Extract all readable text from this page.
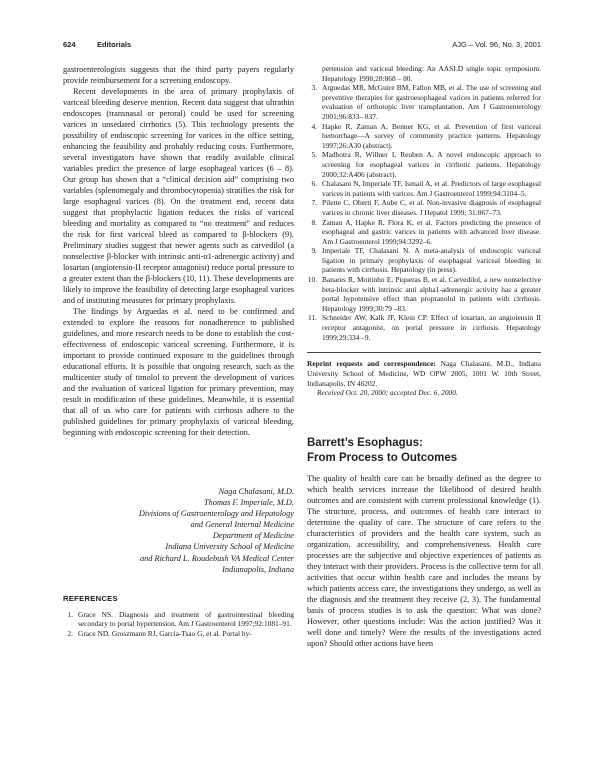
624	Editorials	AJG – Vol. 96, No. 3, 2001

gastroenterologists suggests that the third party payers regularly provide reimbursement for a screening endoscopy.

Recent developments in the area of primary prophylaxis of variceal bleeding deserve mention. Recent data suggest that ultrathin endoscopes (transnasal or peroral) could be used for screening varices in unsedated cirrhotics (5). This technology presents the possibility of endoscopic screening for varices in the office setting, enhancing the feasibility and probably reducing costs. Furthermore, several investigators have shown that readily available clinical variables predict the presence of large esophageal varices (6 – 8). Our group has shown that a “clinical decision aid” comprising two variables (splenomegaly and thrombocytopenia) stratifies the risk for large esophageal varices (8). On the treatment end, recent data suggest that prophylactic ligation reduces the risks of variceal bleeding and mortality as compared to “no treatment” and reduces the risk for first variceal bleed as compared to β-blockers (9). Preliminary studies suggest that newer agents such as carvedilol (a nonselective β-blocker with intrinsic anti-α1-adrenergic activity) and losartan (angiotensin-II receptor antagonist) reduce portal pressure to a greater extent than the β-blockers (10, 11). These developments are likely to improve the feasibility of detecting large esophageal varices and of instituting measures for primary prophylaxis.

The findings by Arguedas et al. need to be confirmed and extended to explore the reasons for nonadherence to published guidelines, and more research needs to be done to establish the cost-effectiveness of endoscopic variceal screening. Furthermore, it is important to provide continued exposure to the guidelines through educational efforts. It is possible that ongoing research, such as the multicenter study of timolol to prevent the development of varices and the evaluation of variceal ligation for primary prevention, may result in modification of these guidelines. Meanwhile, it is essential that all of us who care for patients with cirrhosis adhere to the published guidelines for primary prophylaxis of variceal bleeding, beginning with endoscopic screening for their detection.

Naga Chalasani, M.D.
Thomas F. Imperiale, M.D.
Divisions of Gastroenterology and Hepatology
and General Internal Medicine
Department of Medicine
Indiana University School of Medicine
and Richard L. Roudebush VA Medical Center
Indianapolis, Indiana
REFERENCES
1. Grace NS. Diagnosis and treatment of gastrointestinal bleeding secondary to portal hypertension. Am J Gastroenterol 1997;92:1081–91.
2. Grace ND, Groszmann RJ, Garcia-Tsao G, et al. Portal hy-
pertension and variceal bleeding: An AASLD single topic symposium. Hepatology 1998;28:868 – 80.
3. Arguedas MR, McGuire BM, Fallon MB, et al. The use of screening and preventive therapies for gastroesophageal varices in patients referred for evaluation of orthotopic liver transplantation. Am J Gastroenterology 2001;96:833– 837.
4. Hapke R, Zaman A, Benner KG, et al. Prevention of first variceal hemorrhage—A survey of community practice patterns. Hepatology 1997;26:A30 (abstract).
5. Madhotra R, Willner I, Reuben A. A novel endoscopic approach to screening for esophageal varices in cirrhotic patients. Hepatology 2000;32:A406 (abstract).
6. Chalasani N, Imperiale TF, Ismail A, et al. Predictors of large esophageal varices in patients with varices. Am J Gastroenterol 1999;94:3104–5.
7. Pilette C, Oberti F, Aube C, et al. Non-invasive diagnosis of esophageal varices in chronic liver diseases. J Hepatol 1999; 31:867–73.
8. Zaman A, Hapke R, Flora K, et al. Factors predicting the presence of esophageal and gastric varices in patients with advanced liver disease. Am J Gastroenterol 1999;94:3292–6.
9. Imperiale TF, Chalasani N. A meta-analysis of endoscopic variceal ligation in primary prophylaxis of esophageal variceal bleeding in patients with cirrhosis. Hepatology (in press).
10. Banares R, Moitinho E, Piqueras B, et al. Carvedilol, a new nonselective beta-blocker with intrinsic anti alpha1-adrenergic activity has a greater portal hypotensive effect than propranolol in patients with cirrhosis. Hepatology 1999;30:79 –83.
11. Schneider AW, Kalk JF, Klein CP. Effect of losartan, an angiotensin II receptor antagonist, on portal pressure in cirrhosis. Hepatology 1999;29:334 –9.
Reprint requests and correspondence: Naga Chalasani, M.D., Indiana University School of Medicine, WD OPW 2005, 1001 W. 10th Street, Indianapolis, IN 46202.
Received Oct. 20, 2000; accepted Dec. 6, 2000.
Barrett’s Esophagus:
From Process to Outcomes

The quality of health care can be broadly defined as the degree to which health services increase the likelihood of desired health outcomes and are consistent with current professional knowledge (1). The structure, process, and outcomes of health care interact to determine the quality of care. The structure of care refers to the characteristics of providers and the health care system, such as organization, accessibility, and comprehensiveness. Health care processes are the subjective and objective experiences of patients as they interact with their providers. Process is the collective term for all activities that occur within health care and includes the means by which patients access care, the investigations they undergo, as well as the diagnosis and the treatment they receive (2, 3). The fundamental basis of process studies is to ask the question: What was done? However, other questions include: Was the action justified? Was it well done and timely? Were the results of the investigations acted upon? Should other actions have been
